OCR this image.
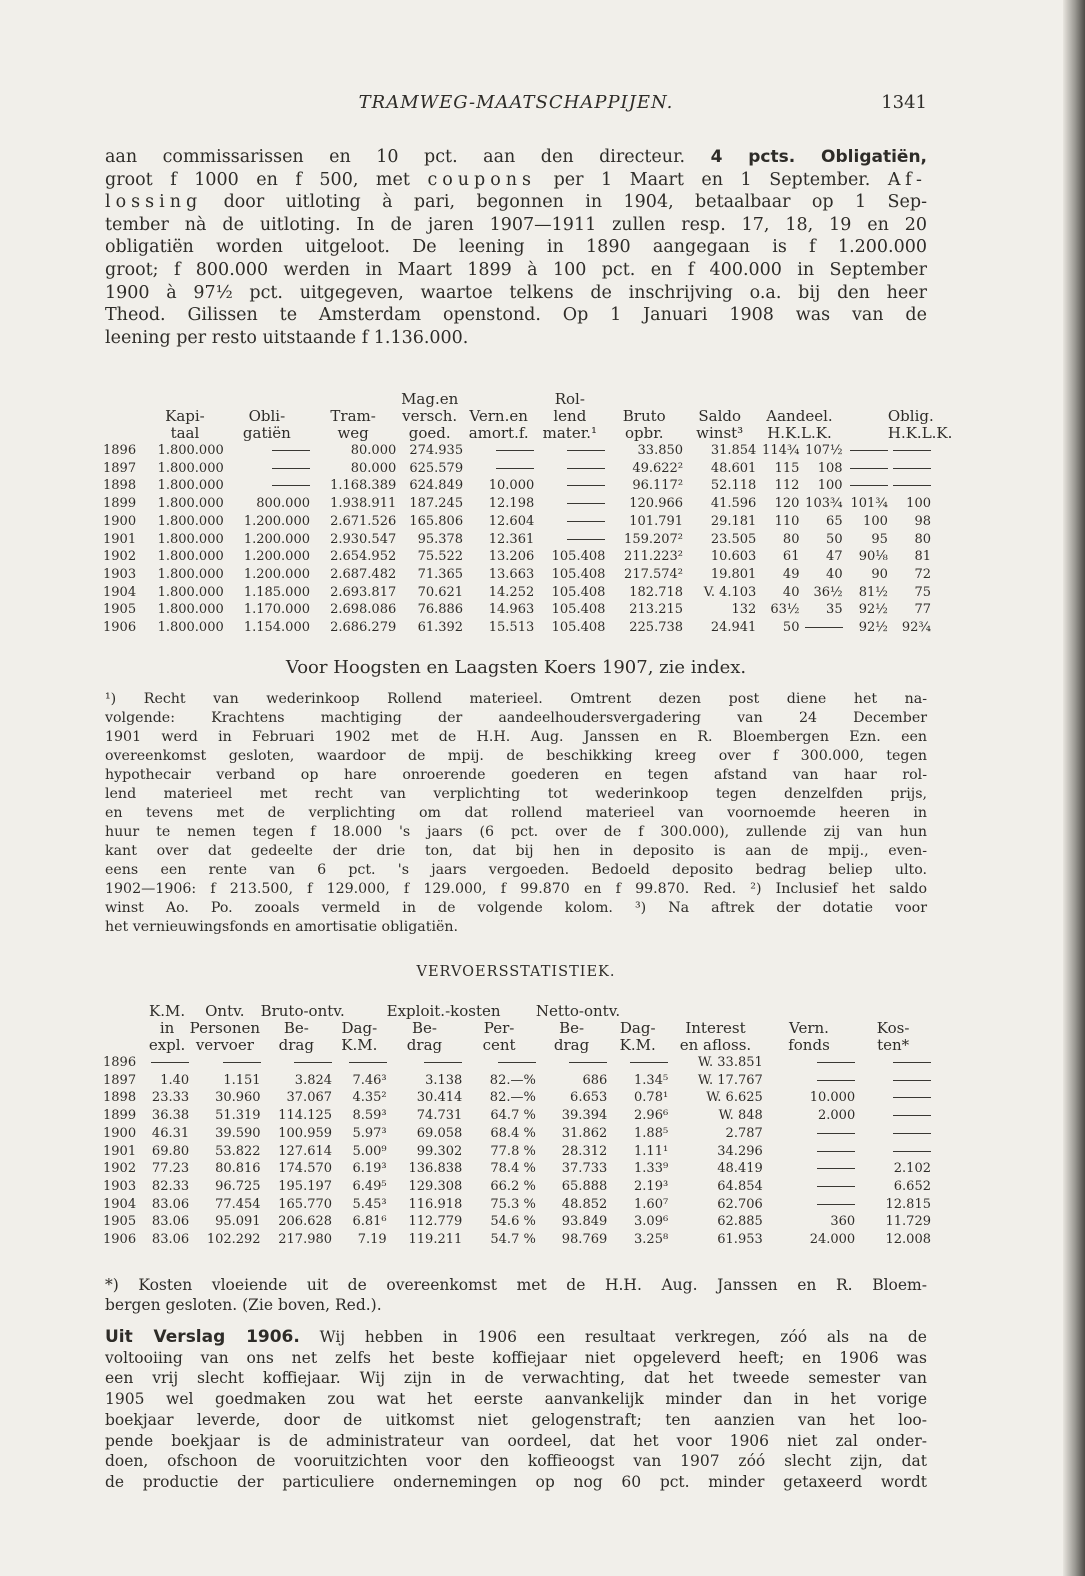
TRAMWEG-MAATSCHAPPIJEN.	1341
aan commissarissen en 10 pct. aan den directeur. 4 pcts. Obligatiën,
groot f 1000 en f 500, met coupons per 1 Maart en 1 September. Af-
lossing door uitloting à pari, begonnen in 1904, betaalbaar op 1 Sep-
tember nà de uitloting. In de jaren 1907—1911 zullen resp. 17, 18, 19 en 20
obligatiën worden uitgeloot. De leening in 1890 aangegaan is f 1.200.000
groot; f 800.000 werden in Maart 1899 à 100 pct. en f 400.000 in September
1900 à 97½ pct. uitgegeven, waartoe telkens de inschrijving o.a. bij den heer
Theod. Gilissen te Amsterdam openstond. Op 1 Januari 1908 was van de
leening per resto uitstaande f 1.136.000.
				Mag.en		Rol-						
	Kapi-	Obli-	Tram-	versch.	Vern.en	lend	Bruto	Saldo	Aandeel.			Oblig.
	taal	gatiën	weg	goed.	amort.f.	mater.¹	opbr.	winst³	H.K.L.K.			H.K.L.K.
1896	1.800.000		80.000	274.935			33.850	31.854	114¾	107½		
1897	1.800.000		80.000	625.579			49.622²	48.601	115	108		
1898	1.800.000		1.168.389	624.849	10.000		96.117²	52.118	112	100		
1899	1.800.000	800.000	1.938.911	187.245	12.198		120.966	41.596	120	103¾	101¾	100
1900	1.800.000	1.200.000	2.671.526	165.806	12.604		101.791	29.181	110	65	100	98
1901	1.800.000	1.200.000	2.930.547	95.378	12.361		159.207²	23.505	80	50	95	80
1902	1.800.000	1.200.000	2.654.952	75.522	13.206	105.408	211.223²	10.603	61	47	90⅛	81
1903	1.800.000	1.200.000	2.687.482	71.365	13.663	105.408	217.574²	19.801	49	40	90	72
1904	1.800.000	1.185.000	2.693.817	70.621	14.252	105.408	182.718	V. 4.103	40	36½	81½	75
1905	1.800.000	1.170.000	2.698.086	76.886	14.963	105.408	213.215	132	63½	35	92½	77
1906	1.800.000	1.154.000	2.686.279	61.392	15.513	105.408	225.738	24.941	50		92½	92¾
Voor Hoogsten en Laagsten Koers 1907, zie index.
¹) Recht van wederinkoop Rollend materieel. Omtrent dezen post diene het na-
volgende: Krachtens machtiging der aandeelhoudersvergadering van 24 December
1901 werd in Februari 1902 met de H.H. Aug. Janssen en R. Bloembergen Ezn. een
overeenkomst gesloten, waardoor de mpij. de beschikking kreeg over f 300.000, tegen
hypothecair verband op hare onroerende goederen en tegen afstand van haar rol-
lend materieel met recht van verplichting tot wederinkoop tegen denzelfden prijs,
en tevens met de verplichting om dat rollend materieel van voornoemde heeren in
huur te nemen tegen f 18.000 's jaars (6 pct. over de f 300.000), zullende zij van hun
kant over dat gedeelte der drie ton, dat bij hen in deposito is aan de mpij., even-
eens een rente van 6 pct. 's jaars vergoeden. Bedoeld deposito bedrag beliep ulto.
1902—1906: f 213.500, f 129.000, f 129.000, f 99.870 en f 99.870. Red. ²) Inclusief het saldo
winst Ao. Po. zooals vermeld in de volgende kolom. ³) Na aftrek der dotatie voor
het vernieuwingsfonds en amortisatie obligatiën.
VERVOERSSTATISTIEK.
	K.M.	Ontv.	Bruto-ontv.		Exploit.-kosten		Netto-ontv.				
	in	Personen	Be-	Dag-	Be-	Per-	Be-	Dag-	Interest	Vern.	Kos-
	expl.	vervoer	drag	K.M.	drag	cent	drag	K.M.	en afloss.	fonds	ten*
1896									W. 33.851		
1897	1.40	1.151	3.824	7.46³	3.138	82.—%	686	1.34⁵	W. 17.767		
1898	23.33	30.960	37.067	4.35²	30.414	82.—%	6.653	0.78¹	W. 6.625	10.000	
1899	36.38	51.319	114.125	8.59³	74.731	64.7 %	39.394	2.96⁶	W. 848	2.000	
1900	46.31	39.590	100.959	5.97³	69.058	68.4 %	31.862	1.88⁵	2.787		
1901	69.80	53.822	127.614	5.00⁹	99.302	77.8 %	28.312	1.11¹	34.296		
1902	77.23	80.816	174.570	6.19³	136.838	78.4 %	37.733	1.33⁹	48.419		2.102
1903	82.33	96.725	195.197	6.49⁵	129.308	66.2 %	65.888	2.19³	64.854		6.652
1904	83.06	77.454	165.770	5.45³	116.918	75.3 %	48.852	1.60⁷	62.706		12.815
1905	83.06	95.091	206.628	6.81⁶	112.779	54.6 %	93.849	3.09⁶	62.885	360	11.729
1906	83.06	102.292	217.980	7.19	119.211	54.7 %	98.769	3.25⁸	61.953	24.000	12.008
*) Kosten vloeiende uit de overeenkomst met de H.H. Aug. Janssen en R. Bloem-
bergen gesloten. (Zie boven, Red.).
Uit Verslag 1906. Wij hebben in 1906 een resultaat verkregen, zóó als na de
voltooiing van ons net zelfs het beste koffiejaar niet opgeleverd heeft; en 1906 was
een vrij slecht koffiejaar. Wij zijn in de verwachting, dat het tweede semester van
1905 wel goedmaken zou wat het eerste aanvankelijk minder dan in het vorige
boekjaar leverde, door de uitkomst niet gelogenstraft; ten aanzien van het loo-
pende boekjaar is de administrateur van oordeel, dat het voor 1906 niet zal onder-
doen, ofschoon de vooruitzichten voor den koffieoogst van 1907 zóó slecht zijn, dat
de productie der particuliere ondernemingen op nog 60 pct. minder getaxeerd wordt
